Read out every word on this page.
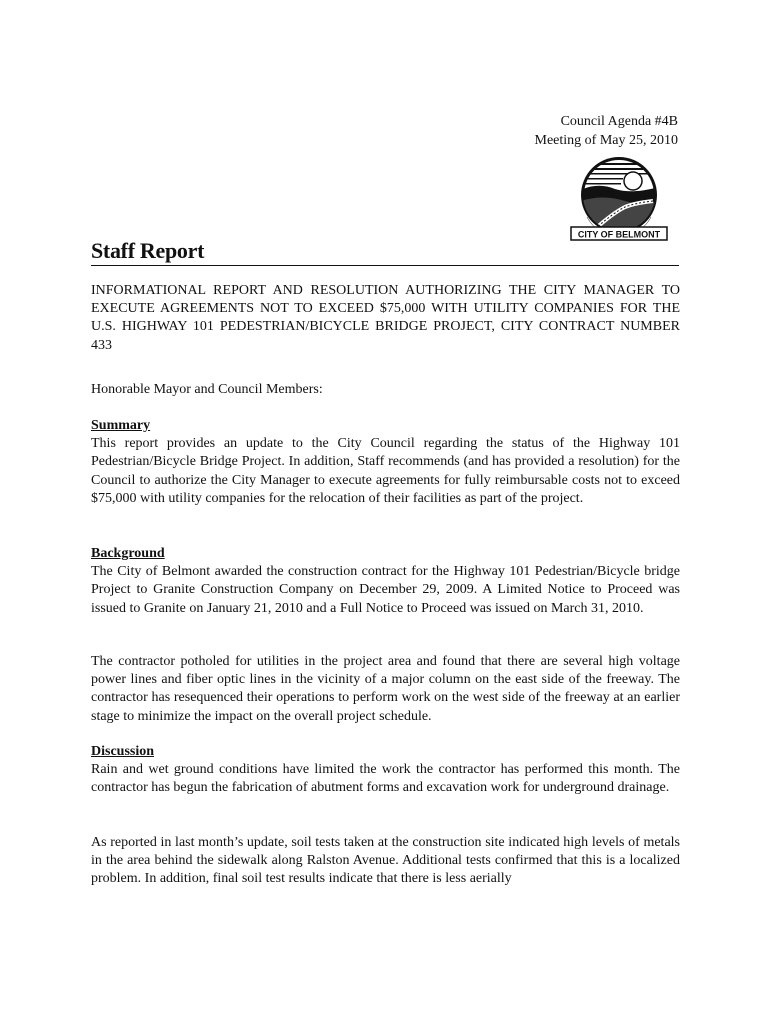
Council Agenda #4B
Meeting of May 25, 2010
CITY OF BELMONT
Staff Report
INFORMATIONAL REPORT AND RESOLUTION AUTHORIZING THE CITY MANAGER TO EXECUTE AGREEMENTS NOT TO EXCEED $75,000 WITH UTILITY COMPANIES FOR THE U.S. HIGHWAY 101 PEDESTRIAN/BICYCLE BRIDGE PROJECT, CITY CONTRACT NUMBER 433
Honorable Mayor and Council Members:
Summary

This report provides an update to the City Council regarding the status of the Highway 101 Pedestrian/Bicycle Bridge Project. In addition, Staff recommends (and has provided a resolution) for the Council to authorize the City Manager to execute agreements for fully reimbursable costs not to exceed $75,000 with utility companies for the relocation of their facilities as part of the project.

Background

The City of Belmont awarded the construction contract for the Highway 101 Pedestrian/Bicycle bridge Project to Granite Construction Company on December 29, 2009. A Limited Notice to Proceed was issued to Granite on January 21, 2010 and a Full Notice to Proceed was issued on March 31, 2010.

The contractor potholed for utilities in the project area and found that there are several high voltage power lines and fiber optic lines in the vicinity of a major column on the east side of the freeway. The contractor has resequenced their operations to perform work on the west side of the freeway at an earlier stage to minimize the impact on the overall project schedule.
Discussion

Rain and wet ground conditions have limited the work the contractor has performed this month. The contractor has begun the fabrication of abutment forms and excavation work for underground drainage.

As reported in last month’s update, soil tests taken at the construction site indicated high levels of metals in the area behind the sidewalk along Ralston Avenue. Additional tests confirmed that this is a localized problem. In addition, final soil test results indicate that there is less aerially
